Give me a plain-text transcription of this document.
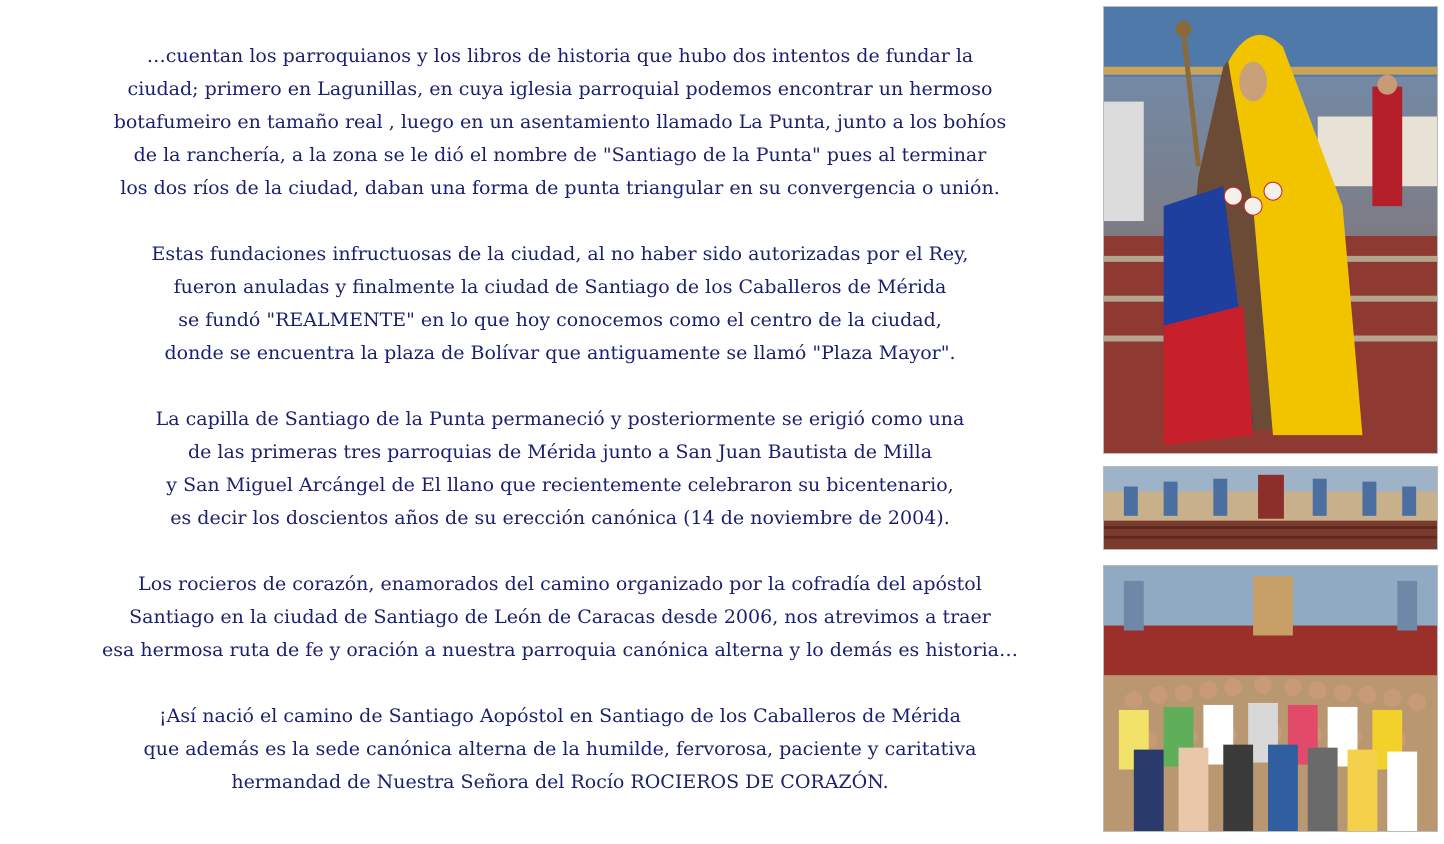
…cuentan los parroquianos y los libros de historia que hubo dos intentos de fundar la
ciudad; primero en Lagunillas, en cuya iglesia parroquial podemos encontrar un hermoso
botafumeiro en tamaño real , luego en un asentamiento llamado La Punta, junto a los bohíos
de la ranchería, a la zona se le dió el nombre de "Santiago de la Punta" pues al terminar
los dos ríos de la ciudad, daban una forma de punta triangular en su convergencia o unión.

Estas fundaciones infructuosas de la ciudad, al no haber sido autorizadas por el Rey,
fueron anuladas y finalmente la ciudad de Santiago de los Caballeros de Mérida
se fundó "REALMENTE" en lo que hoy conocemos como el centro de la ciudad,
donde se encuentra la plaza de Bolívar que antiguamente se llamó "Plaza Mayor".

La capilla de Santiago de la Punta permaneció y posteriormente se erigió como una
de las primeras tres parroquias de Mérida junto a San Juan Bautista de Milla
y San Miguel Arcángel de El llano que recientemente celebraron su bicentenario,
es decir los doscientos años de su erección canónica (14 de noviembre de 2004).

Los rocieros de corazón, enamorados del camino organizado por la cofradía del apóstol
Santiago en la ciudad de Santiago de León de Caracas desde 2006, nos atrevimos a traer
esa hermosa ruta de fe y oración a nuestra parroquia canónica alterna y lo demás es historia…

¡Así nació el camino de Santiago Aopóstol en Santiago de los Caballeros de Mérida
que además es la sede canónica alterna de la humilde, fervorosa, paciente y caritativa
hermandad de Nuestra Señora del Rocío ROCIEROS DE CORAZÓN.
